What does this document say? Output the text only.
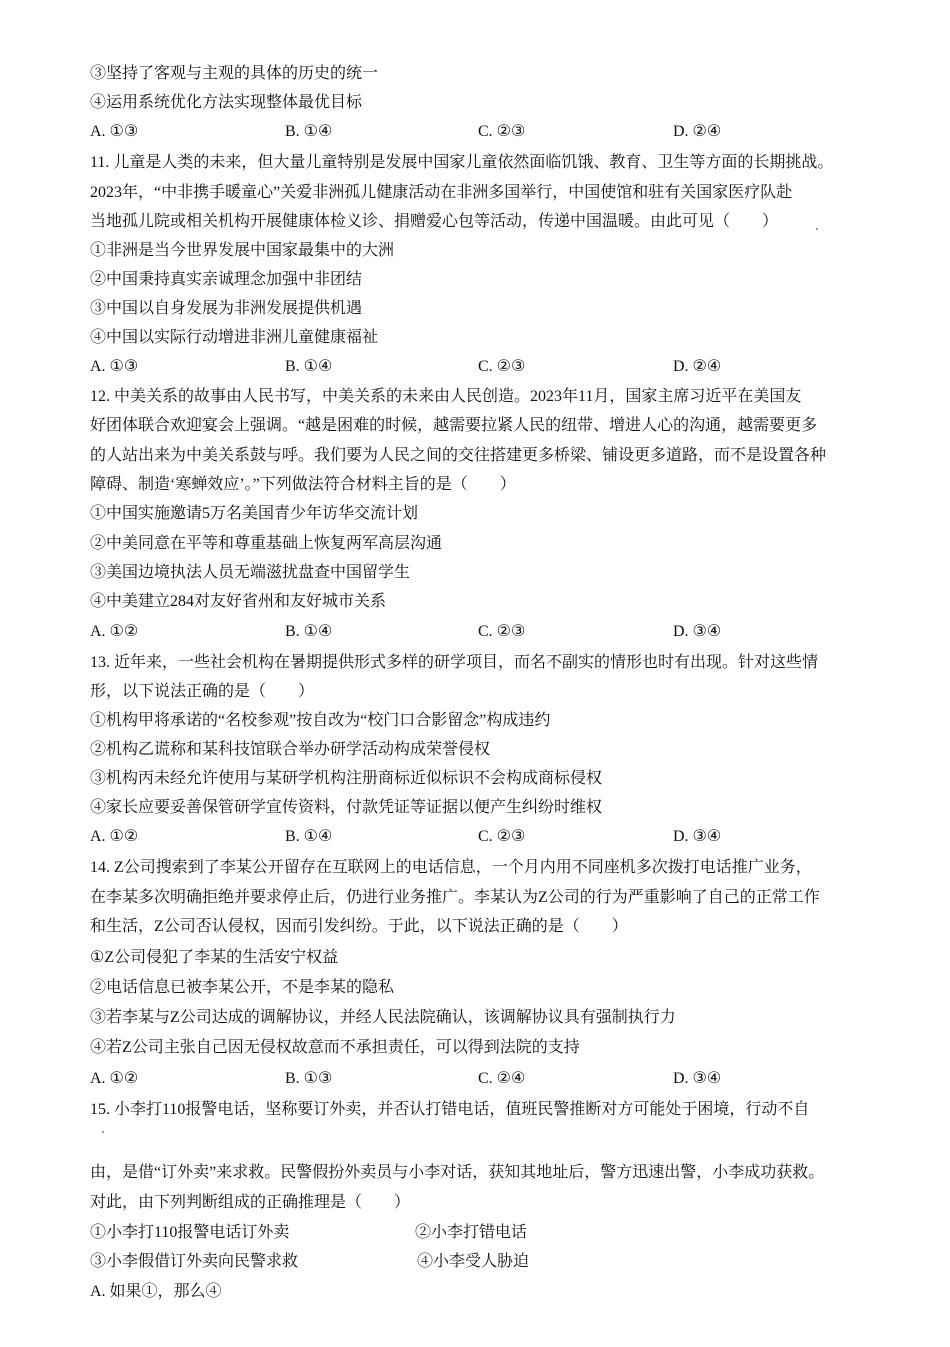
③坚持了客观与主观的具体的历史的统一
④运用系统优化方法实现整体最优目标
A. ①③	B. ①④	C. ②③	D. ②④
11. 儿童是人类的未来，但大量儿童特别是发展中国家儿童依然面临饥饿、教育、卫生等方面的长期挑战。
2023年，“中非携手暖童心”关爱非洲孤儿健康活动在非洲多国举行，中国使馆和驻有关国家医疗队赴
当地孤儿院或相关机构开展健康体检义诊、捐赠爱心包等活动，传递中国温暖。由此可见（　　）
①非洲是当今世界发展中国家最集中的大洲
②中国秉持真实亲诚理念加强中非团结
③中国以自身发展为非洲发展提供机遇
④中国以实际行动增进非洲儿童健康福祉
A. ①③	B. ①④	C. ②③	D. ②④
12. 中美关系的故事由人民书写，中美关系的未来由人民创造。2023年11月，国家主席习近平在美国友
好团体联合欢迎宴会上强调。“越是困难的时候，越需要拉紧人民的纽带、增进人心的沟通，越需要更多
的人站出来为中美关系鼓与呼。我们要为人民之间的交往搭建更多桥梁、铺设更多道路，而不是设置各种
障碍、制造‘寒蝉效应’。”下列做法符合材料主旨的是（　　）
①中国实施邀请5万名美国青少年访华交流计划
②中美同意在平等和尊重基础上恢复两军高层沟通
③美国边境执法人员无端滋扰盘查中国留学生
④中美建立284对友好省州和友好城市关系
A. ①②	B. ①④	C. ②③	D. ③④
13. 近年来，一些社会机构在暑期提供形式多样的研学项目，而名不副实的情形也时有出现。针对这些情
形，以下说法正确的是（　　）
①机构甲将承诺的“名校参观”按自改为“校门口合影留念”构成违约
②机构乙谎称和某科技馆联合举办研学活动构成荣誉侵权
③机构丙未经允许使用与某研学机构注册商标近似标识不会构成商标侵权
④家长应要妥善保管研学宣传资料，付款凭证等证据以便产生纠纷时维权
A. ①②	B. ①④	C. ②③	D. ③④
14. Z公司搜索到了李某公开留存在互联网上的电话信息，一个月内用不同座机多次拨打电话推广业务，
在李某多次明确拒绝并要求停止后，仍进行业务推广。李某认为Z公司的行为严重影响了自己的正常工作
和生活，Z公司否认侵权，因而引发纠纷。于此，以下说法正确的是（　　）
①Z公司侵犯了李某的生活安宁权益
②电话信息已被李某公开，不是李某的隐私
③若李某与Z公司达成的调解协议，并经人民法院确认，该调解协议具有强制执行力
④若Z公司主张自己因无侵权故意而不承担责任，可以得到法院的支持
A. ①②	B. ①③	C. ②④	D. ③④
15. 小李打110报警电话，坚称要订外卖，并否认打错电话，值班民警推断对方可能处于困境，行动不自
由，是借“订外卖”来求救。民警假扮外卖员与小李对话，获知其地址后，警方迅速出警，小李成功获救。
对此，由下列判断组成的正确推理是（　　）
①小李打110报警电话订外卖	②小李打错电话
③小李假借订外卖向民警求救	④小李受人胁迫
A. 如果①，那么④
